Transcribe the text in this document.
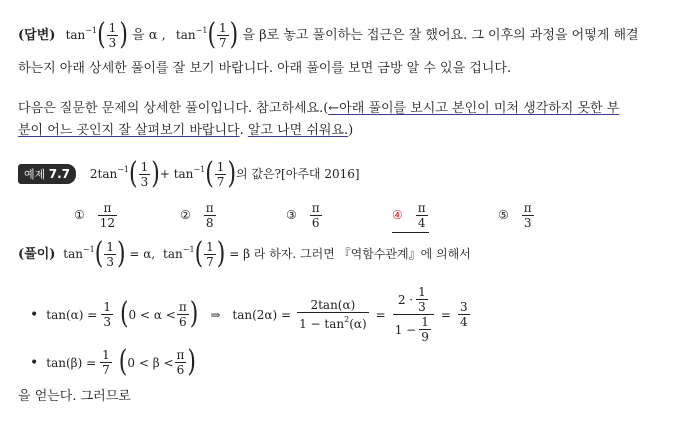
(답변) $\tan^{-1}( \frac{1}{3}$ ) 을 α , $\tan^{-1}( \frac{1}{7}$ ) 을 β로 놓고 풀이하는 접근은 잘 했어요. 그 이후의 과정을 어떻게 해결
하는지 아래 상세한 풀이를 잘 보기 바랍니다. 아래 풀이를 보면 금방 알 수 있을 겁니다.
다음은 질문한 문제의 상세한 풀이입니다. 참고하세요.(←아래 풀이를 보시고 본인이 미처 생각하지 못한 부
분이 어느 곳인지 잘 살펴보기 바랍니다. 알고 나면 쉬워요.)
예제 7.7 $2\tan^{-1}( \frac{1}{3}$ )+ $\tan^{-1}( \frac{1}{7}$ )의 값은?[아주대 2016]
① $\frac{\pi}{12}$	② $\frac{\pi}{8}$	③ $\frac{\pi}{6}$	④ $\frac{\pi}{4}$	⑤ $\frac{\pi}{3}$
(풀이) $\tan^{-1}( \frac{1}{3}$ ) = α, $\tan^{-1}( \frac{1}{7}$ ) = β 라 하자. 그러면 『역함수관계』에 의해서
• $\tan(\alpha) = \frac{1}{3}$ ( $0 < \alpha < \frac{\pi}{6}$ ) ⇒ $\tan(2\alpha) = \frac{2\tan(\alpha)}{1 - \tan^2(\alpha)} = \frac{2 \cdot \frac{1}{3}}{1 - \frac{1}{9}} = \frac{3}{4}$
• $\tan(\beta) = \frac{1}{7}$ ( $0 < \beta < \frac{\pi}{6}$ )
을 얻는다. 그러므로
